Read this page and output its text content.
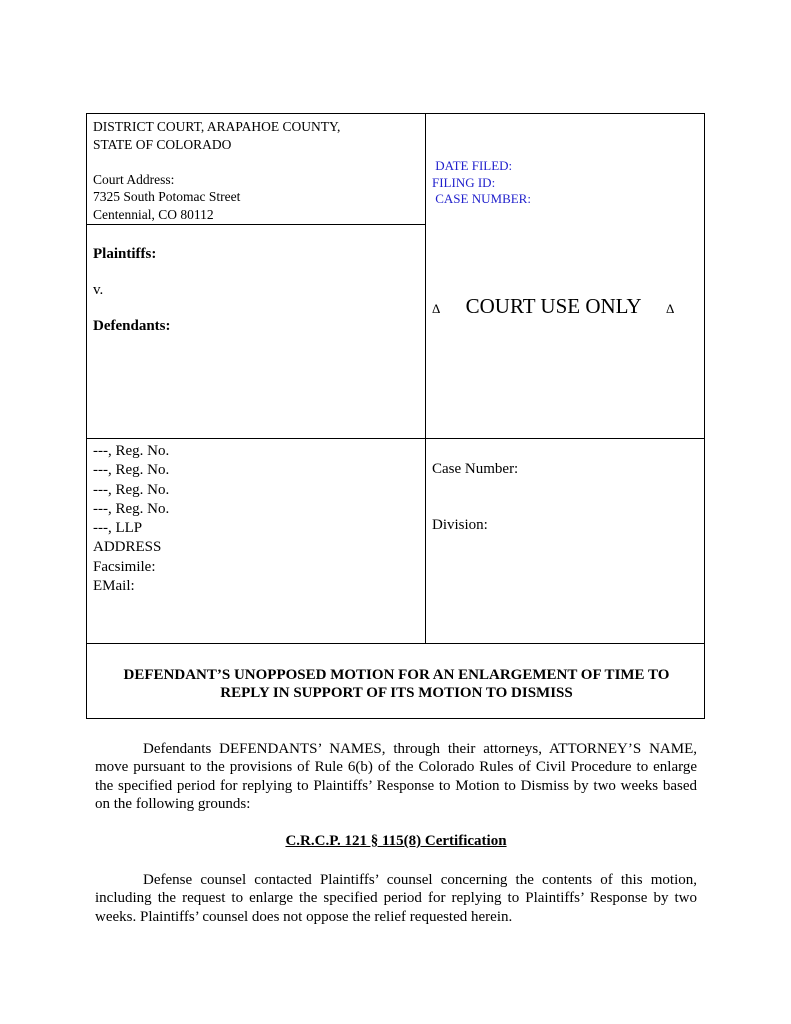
DISTRICT COURT, ARAPAHOE COUNTY,
STATE OF COLORADO

Court Address:
7325 South Potomac Street
Centennial, CO 80112
DATE FILED:
FILING ID:
CASE NUMBER:
Plaintiffs:
v.
Defendants:
Δ COURT USE ONLY Δ
---, Reg. No.
---, Reg. No.
---, Reg. No.
---, Reg. No.
---, LLP
ADDRESS
Facsimile:
EMail:
Case Number:
Division:
DEFENDANT’S UNOPPOSED MOTION FOR AN ENLARGEMENT OF TIME TO
REPLY IN SUPPORT OF ITS MOTION TO DISMISS
Defendants DEFENDANTS’ NAMES, through their attorneys, ATTORNEY’S NAME, move pursuant to the provisions of Rule 6(b) of the Colorado Rules of Civil Procedure to enlarge the specified period for replying to Plaintiffs’ Response to Motion to Dismiss by two weeks based on the following grounds:
C.R.C.P. 121 § 115(8) Certification
Defense counsel contacted Plaintiffs’ counsel concerning the contents of this motion, including the request to enlarge the specified period for replying to Plaintiffs’ Response by two weeks. Plaintiffs’ counsel does not oppose the relief requested herein.
